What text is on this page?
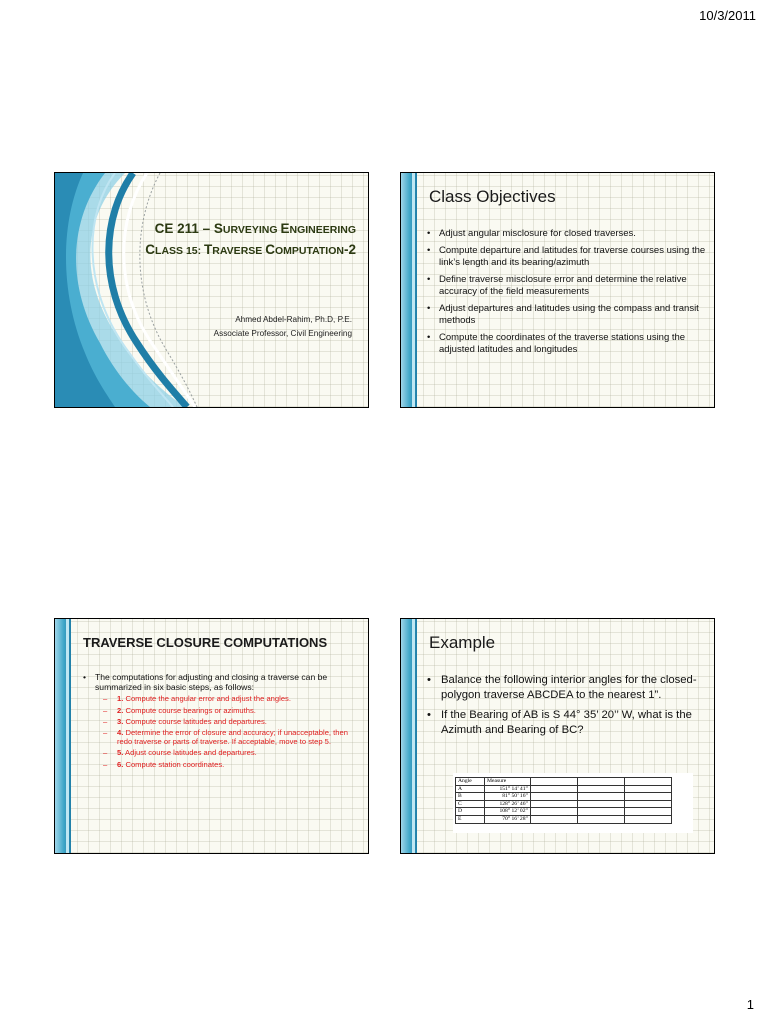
10/3/2011
CE 211 – SURVEYING ENGINEERING
CLASS 15: TRAVERSE COMPUTATION-2
Ahmed Abdel-Rahim, Ph.D, P.E.
Associate Professor, Civil Engineering
Class Objectives
• Adjust angular misclosure for closed traverses.
• Compute departure and latitudes for traverse courses using the link’s length and its bearing/azimuth
• Define traverse misclosure error and determine the relative accuracy of the field measurements
• Adjust departures and latitudes using the compass and transit methods
• Compute the coordinates of the traverse stations using the adjusted latitudes and longitudes
TRAVERSE CLOSURE COMPUTATIONS
• The computations for adjusting and closing a traverse can be summarized in six basic steps, as follows:
– 1. Compute the angular error and adjust the angles.
– 2. Compute course bearings or azimuths.
– 3. Compute course latitudes and departures.
– 4. Determine the error of closure and accuracy; if unacceptable, then redo traverse or parts of traverse. If acceptable, move to step 5.
– 5. Adjust course latitudes and departures.
– 6. Compute station coordinates.
Example
• Balance the following interior angles for the closed-polygon traverse ABCDEA to the nearest 1”.
• If the Bearing of AB is S 44° 35’ 20’’ W, what is the Azimuth and Bearing of BC?
Angle	Measure			
A	151° 14’ 41”			
B	81° 50’ 16”			
C	128° 26’ 46”			
D	108° 12’ 02”			
E	70° 16’ 28”			
1
